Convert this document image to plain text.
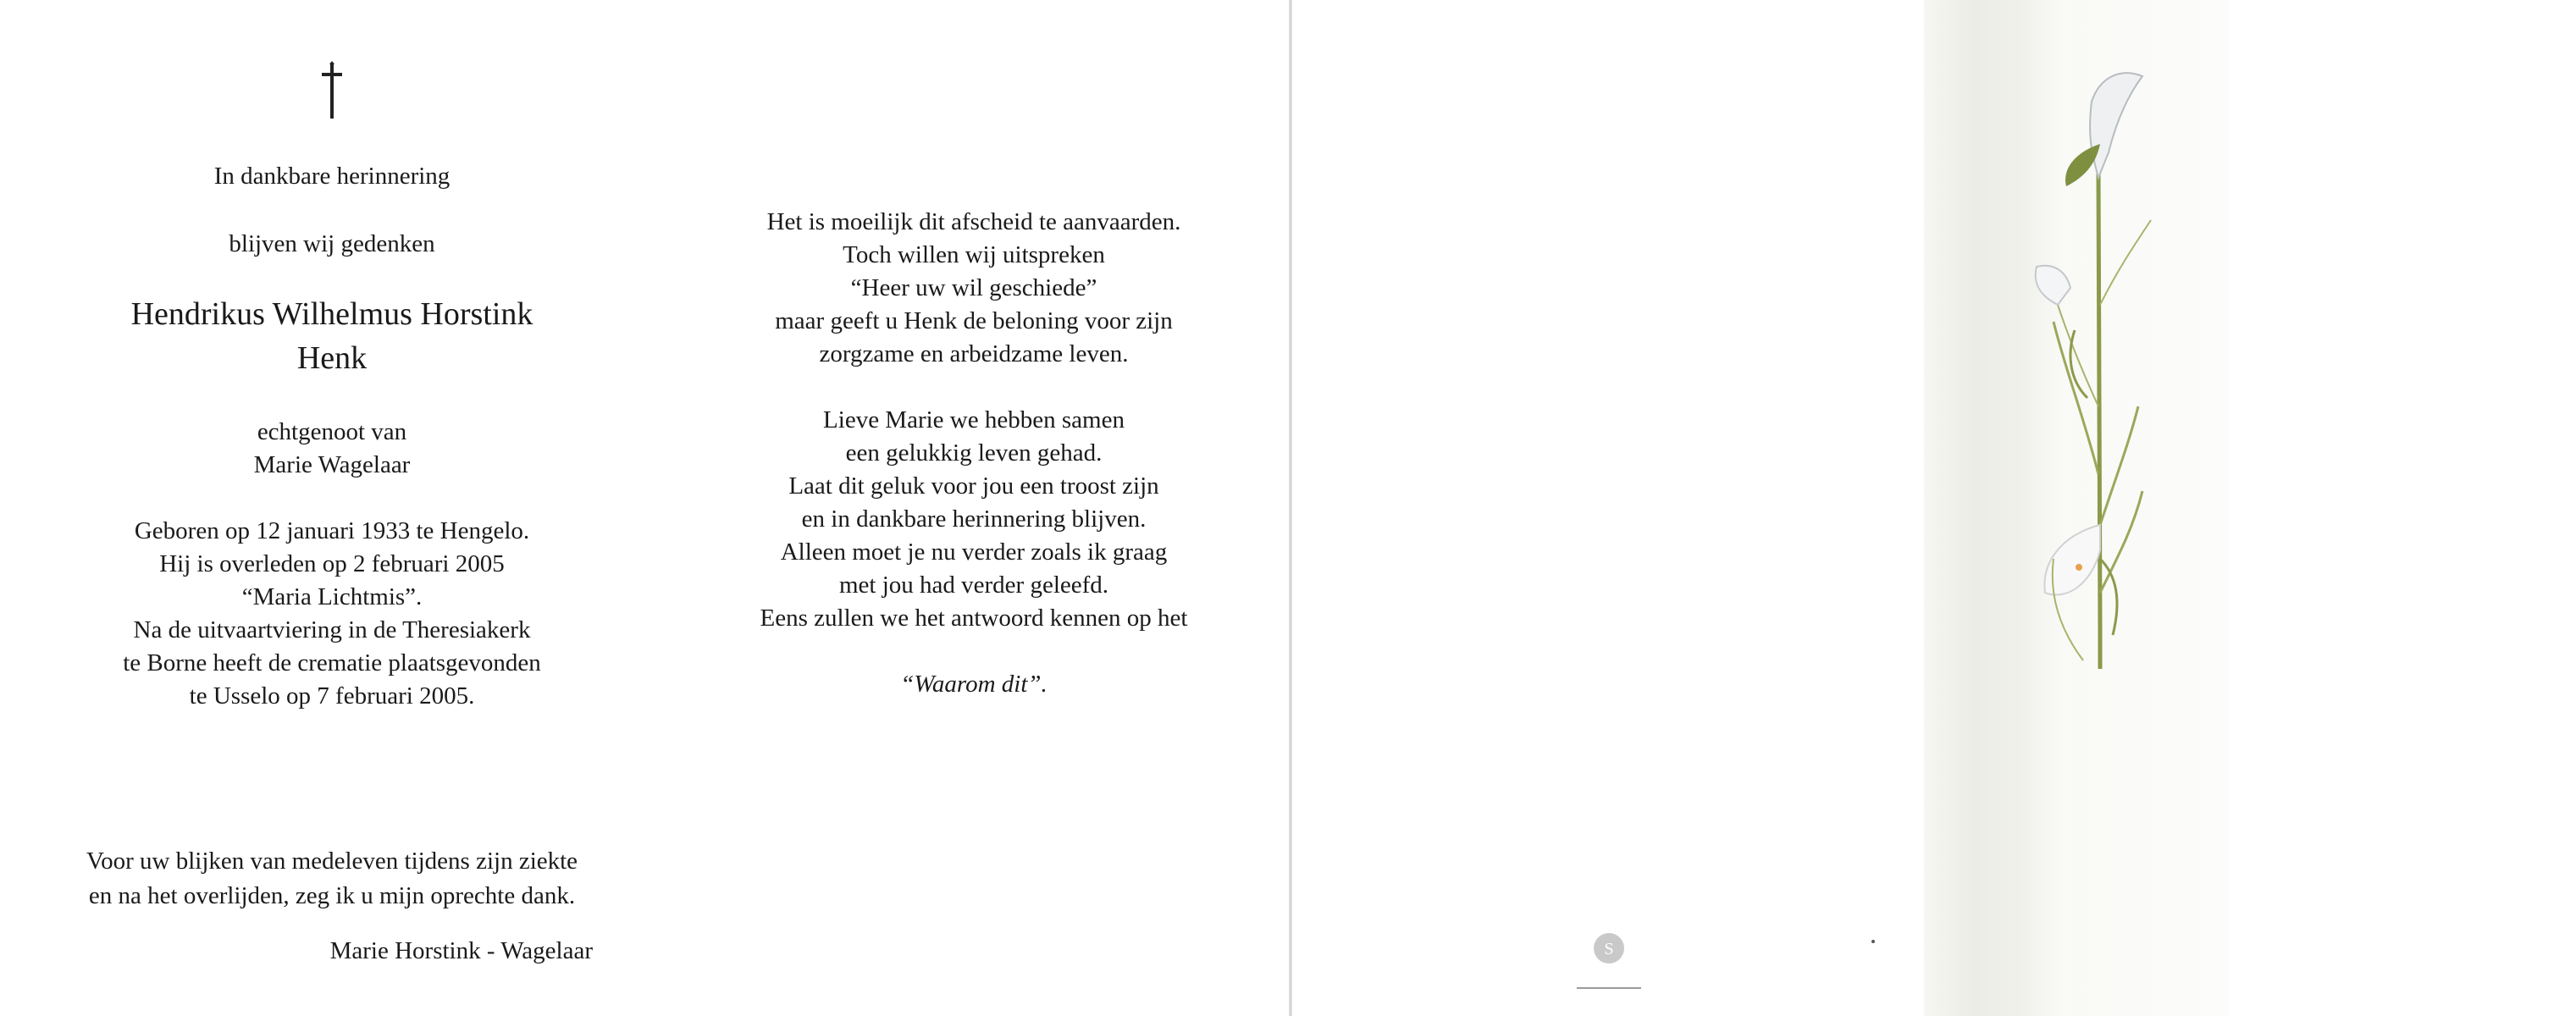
In dankbare herinnering
blijven wij gedenken
Hendrikus Wilhelmus Horstink
Henk
echtgenoot van
Marie Wagelaar
Geboren op 12 januari 1933 te Hengelo.
Hij is overleden op 2 februari 2005
“Maria Lichtmis”.
Na de uitvaartviering in de Theresiakerk
te Borne heeft de crematie plaatsgevonden
te Usselo op 7 februari 2005.
Het is moeilijk dit afscheid te aanvaarden.
Toch willen wij uitspreken
“Heer uw wil geschiede”
maar geeft u Henk de beloning voor zijn
zorgzame en arbeidzame leven.
Lieve Marie we hebben samen
een gelukkig leven gehad.
Laat dit geluk voor jou een troost zijn
en in dankbare herinnering blijven.
Alleen moet je nu verder zoals ik graag
met jou had verder geleefd.
Eens zullen we het antwoord kennen op het
“Waarom dit”.
Voor uw blijken van medeleven tijdens zijn ziekte
en na het overlijden, zeg ik u mijn oprechte dank.
Marie Horstink - Wagelaar	S
